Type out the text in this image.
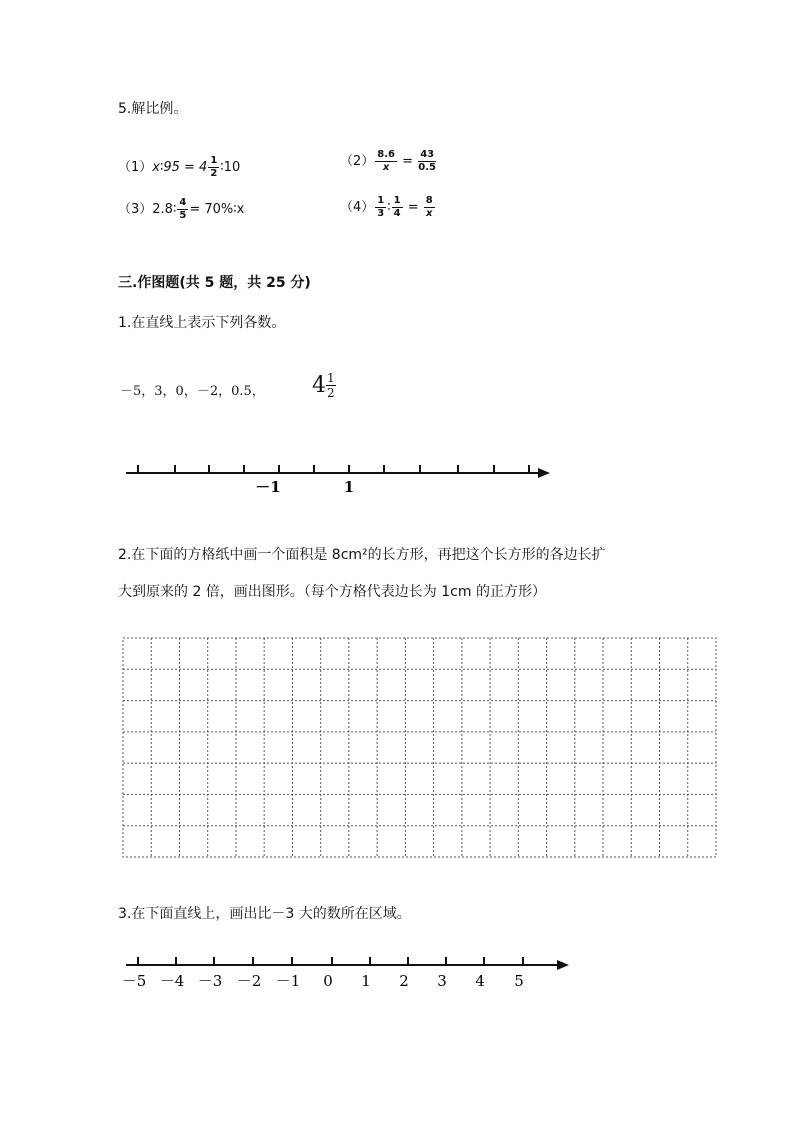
5.解比例。
（1）x∶95 = $4 \frac{1}{2}$ ∶10	$(2) \frac{8.6}{x} = \frac{43}{0.5}$
（3）2.8∶ $\frac{4}{5}$ = 70%∶x	$(4) \frac{1}{3}$ ∶ $\frac{1}{4} = \frac{8}{x}$
三.作图题(共 5 题，共 25 分)
1.在直线上表示下列各数。
－5，3，0，－2，0.5， $4 \frac{1}{2}$
－1	1
－5 －4 －3 －2 －1 0 1 2 3 4 5
2.在下面的方格纸中画一个面积是 8cm²的长方形，再把这个长方形的各边长扩
大到原来的 2 倍，画出图形。（每个方格代表边长为 1cm 的正方形）
3.在下面直线上，画出比－3 大的数所在区域。
